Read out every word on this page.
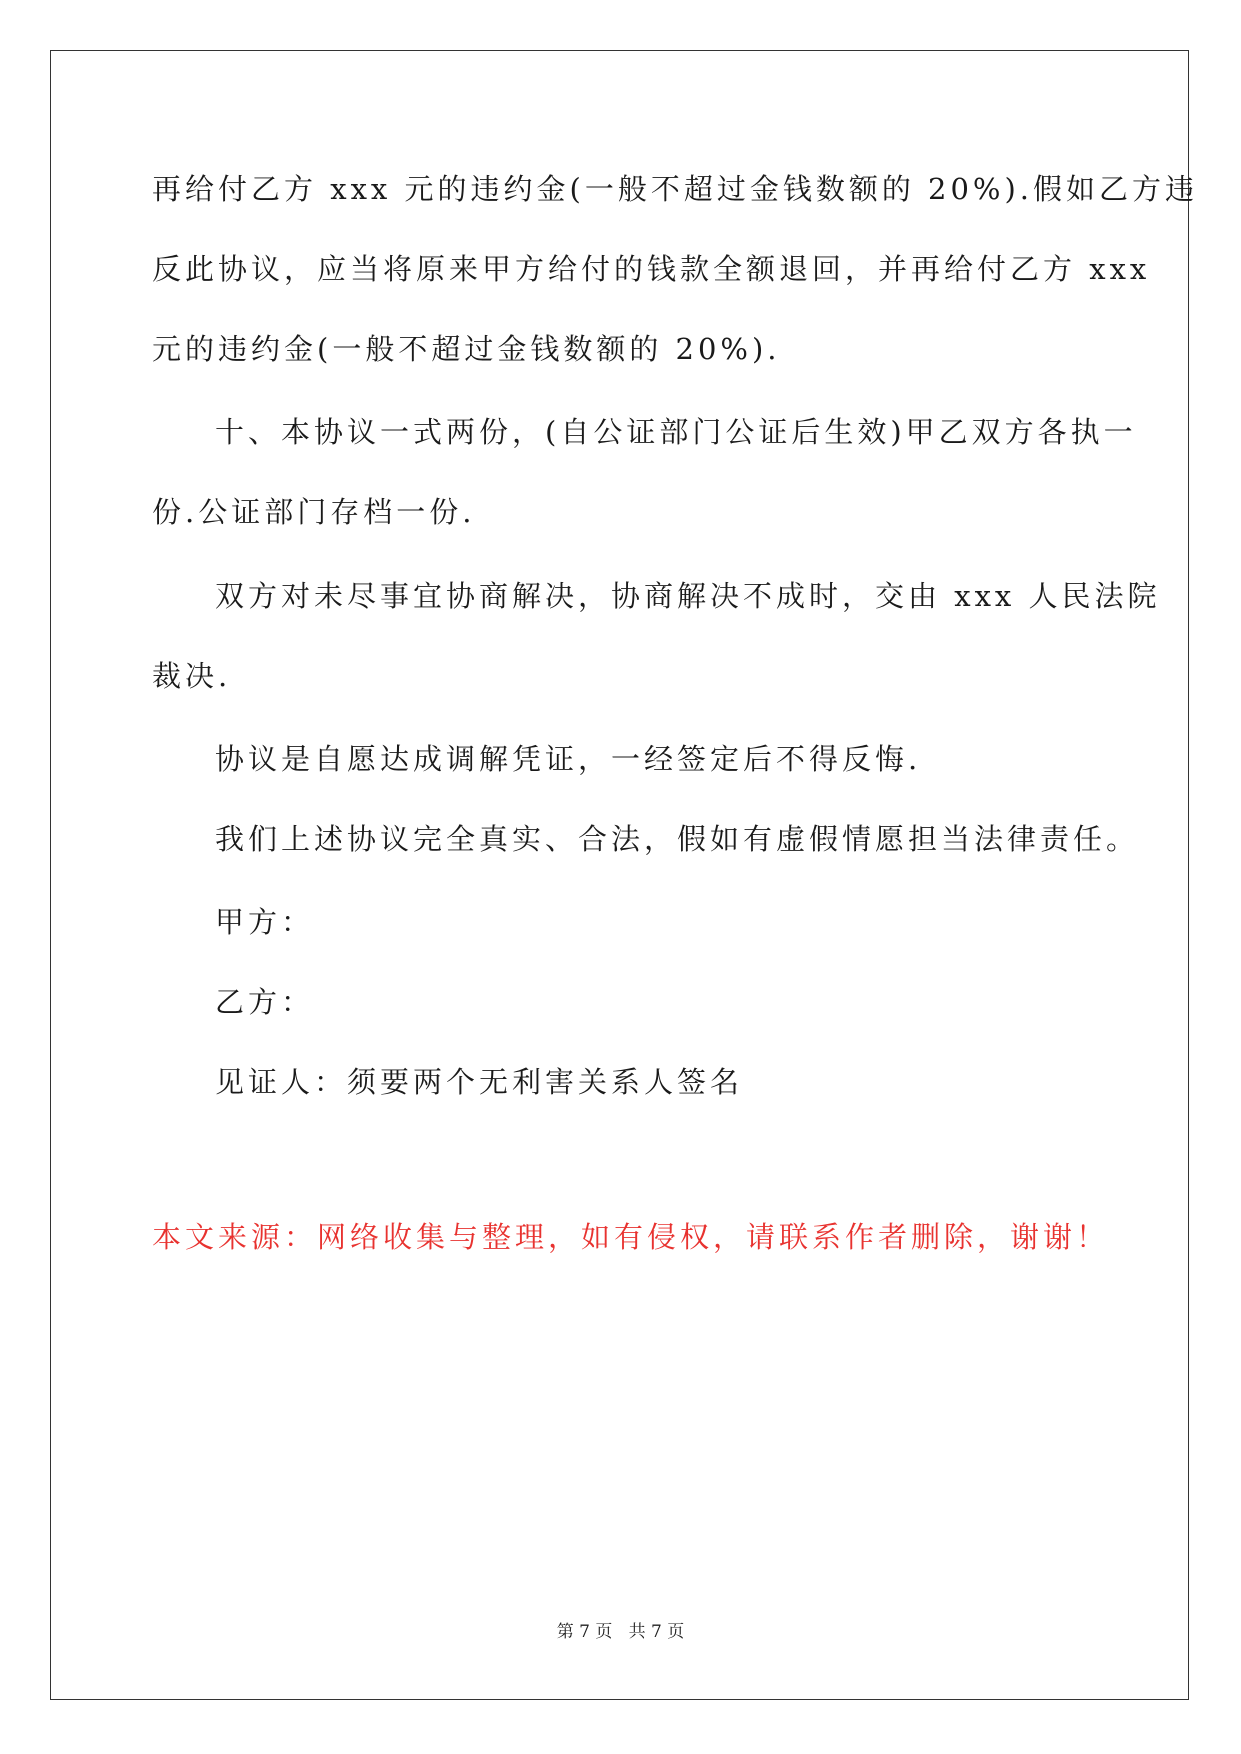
再给付乙方 xxx 元的违约金(一般不超过金钱数额的 20%).假如乙方违
反此协议，应当将原来甲方给付的钱款全额退回，并再给付乙方 xxx
元的违约金(一般不超过金钱数额的 20%).
十、本协议一式两份，(自公证部门公证后生效)甲乙双方各执一
份.公证部门存档一份.
双方对未尽事宜协商解决，协商解决不成时，交由 xxx 人民法院
裁决.
协议是自愿达成调解凭证，一经签定后不得反悔.
我们上述协议完全真实、合法，假如有虚假情愿担当法律责任。
甲方：
乙方：
见证人：须要两个无利害关系人签名
本文来源：网络收集与整理，如有侵权，请联系作者删除，谢谢！
第 7 页   共 7 页
